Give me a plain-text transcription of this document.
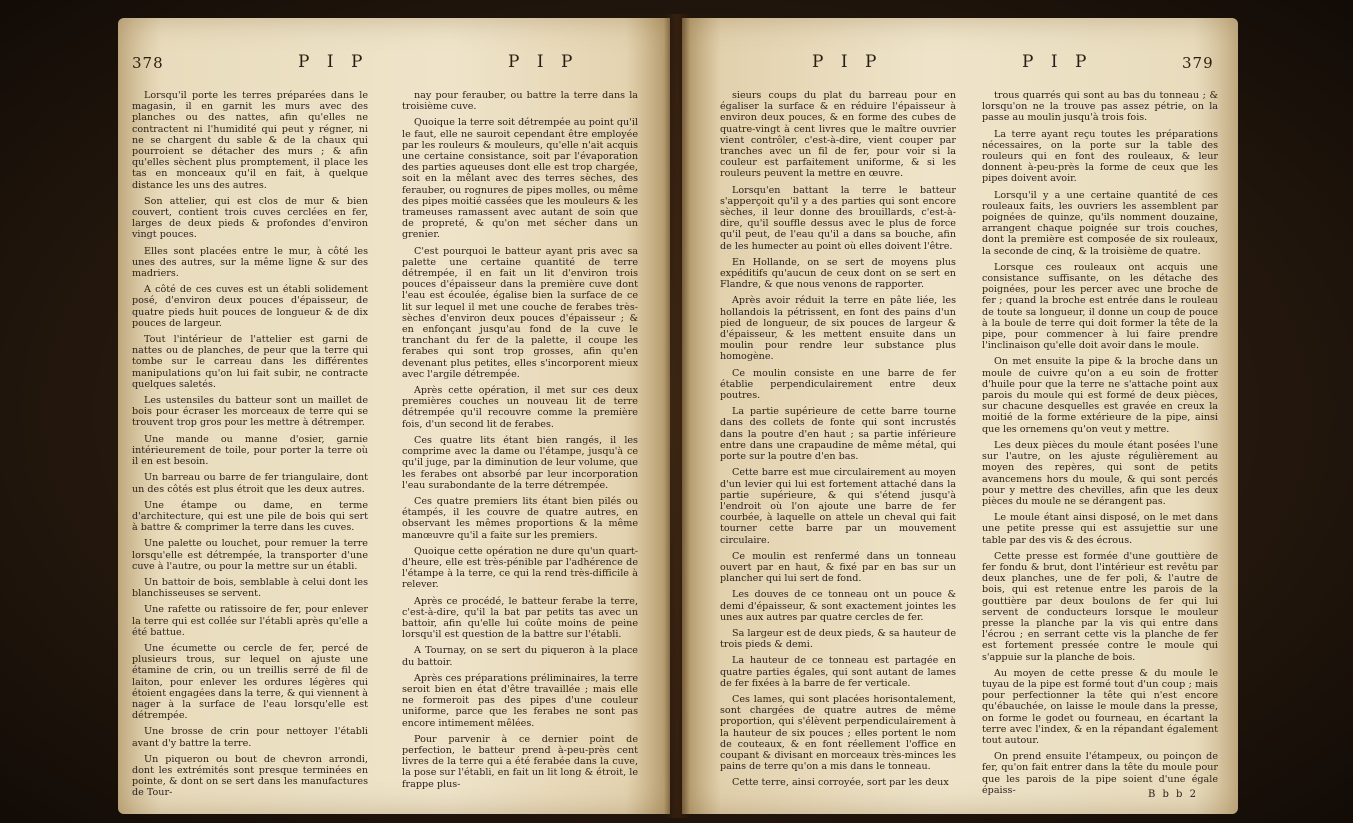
378	P I P	P I P

Lorsqu'il porte les terres préparées dans le magasin, il en garnit les murs avec des planches ou des nattes, afin qu'elles ne contractent ni l'humidité qui peut y régner, ni ne se chargent du sable & de la chaux qui pourroient se détacher des murs ; & afin qu'elles sèchent plus promptement, il place les tas en monceaux qu'il en fait, à quelque distance les uns des autres.

Son attelier, qui est clos de mur & bien couvert, contient trois cuves cerclées en fer, larges de deux pieds & profondes d'environ vingt pouces.

Elles sont placées entre le mur, à côté les unes des autres, sur la même ligne & sur des madriers.

A côté de ces cuves est un établi solidement posé, d'environ deux pouces d'épaisseur, de quatre pieds huit pouces de longueur & de dix pouces de largeur.

Tout l'intérieur de l'attelier est garni de nattes ou de planches, de peur que la terre qui tombe sur le carreau dans les différentes manipulations qu'on lui fait subir, ne contracte quelques saletés.

Les ustensiles du batteur sont un maillet de bois pour écraser les morceaux de terre qui se trouvent trop gros pour les mettre à détremper.

Une mande ou manne d'osier, garnie intérieurement de toile, pour porter la terre où il en est besoin.

Un barreau ou barre de fer triangulaire, dont un des côtés est plus étroit que les deux autres.

Une étampe ou dame, en terme d'architecture, qui est une pile de bois qui sert à battre & comprimer la terre dans les cuves.

Une palette ou louchet, pour remuer la terre lorsqu'elle est détrempée, la transporter d'une cuve à l'autre, ou pour la mettre sur un établi.

Un battoir de bois, semblable à celui dont les blanchisseuses se servent.

Une rafette ou ratissoire de fer, pour enlever la terre qui est collée sur l'établi après qu'elle a été battue.

Une écumette ou cercle de fer, percé de plusieurs trous, sur lequel on ajuste une étamine de crin, ou un treillis serré de fil de laiton, pour enlever les ordures légères qui étoient engagées dans la terre, & qui viennent à nager à la surface de l'eau lorsqu'elle est détrempée.

Une brosse de crin pour nettoyer l'établi avant d'y battre la terre.

Un piqueron ou bout de chevron arrondi, dont les extrémités sont presque terminées en pointe, & dont on se sert dans les manufactures de Tour-

nay pour ferauber, ou battre la terre dans la troisième cuve.

Quoique la terre soit détrempée au point qu'il le faut, elle ne sauroit cependant être employée par les rouleurs & mouleurs, qu'elle n'ait acquis une certaine consistance, soit par l'évaporation des parties aqueuses dont elle est trop chargée, soit en la mêlant avec des terres sèches, des ferauber, ou rognures de pipes molles, ou même des pipes moitié cassées que les mouleurs & les trameuses ramassent avec autant de soin que de propreté, & qu'on met sécher dans un grenier.

C'est pourquoi le batteur ayant pris avec sa palette une certaine quantité de terre détrempée, il en fait un lit d'environ trois pouces d'épaisseur dans la première cuve dont l'eau est écoulée, égalise bien la surface de ce lit sur lequel il met une couche de ferabes très-sèches d'environ deux pouces d'épaisseur ; & en enfonçant jusqu'au fond de la cuve le tranchant du fer de la palette, il coupe les ferabes qui sont trop grosses, afin qu'en devenant plus petites, elles s'incorporent mieux avec l'argile détrempée.

Après cette opération, il met sur ces deux premières couches un nouveau lit de terre détrempée qu'il recouvre comme la première fois, d'un second lit de ferabes.

Ces quatre lits étant bien rangés, il les comprime avec la dame ou l'étampe, jusqu'à ce qu'il juge, par la diminution de leur volume, que les ferabes ont absorbé par leur incorporation l'eau surabondante de la terre détrempée.

Ces quatre premiers lits étant bien pilés ou étampés, il les couvre de quatre autres, en observant les mêmes proportions & la même manœuvre qu'il a faite sur les premiers.

Quoique cette opération ne dure qu'un quart-d'heure, elle est très-pénible par l'adhérence de l'étampe à la terre, ce qui la rend très-difficile à relever.

Après ce procédé, le batteur ferabe la terre, c'est-à-dire, qu'il la bat par petits tas avec un battoir, afin qu'elle lui coûte moins de peine lorsqu'il est question de la battre sur l'établi.

A Tournay, on se sert du piqueron à la place du battoir.

Après ces préparations préliminaires, la terre seroit bien en état d'être travaillée ; mais elle ne formeroit pas des pipes d'une couleur uniforme, parce que les ferabes ne sont pas encore intimement mêlées.

Pour parvenir à ce dernier point de perfection, le batteur prend à-peu-près cent livres de la terre qui a été ferabée dans la cuve, la pose sur l'établi, en fait un lit long & étroit, le frappe plus-

P I P	P I P	379

sieurs coups du plat du barreau pour en égaliser la surface & en réduire l'épaisseur à environ deux pouces, & en forme des cubes de quatre-vingt à cent livres que le maître ouvrier vient contrôler, c'est-à-dire, vient couper par tranches avec un fil de fer, pour voir si la couleur est parfaitement uniforme, & si les rouleurs peuvent la mettre en œuvre.

Lorsqu'en battant la terre le batteur s'apperçoit qu'il y a des parties qui sont encore sèches, il leur donne des brouillards, c'est-à-dire, qu'il souffle dessus avec le plus de force qu'il peut, de l'eau qu'il a dans sa bouche, afin de les humecter au point où elles doivent l'être.

En Hollande, on se sert de moyens plus expéditifs qu'aucun de ceux dont on se sert en Flandre, & que nous venons de rapporter.

Après avoir réduit la terre en pâte liée, les hollandois la pétrissent, en font des pains d'un pied de longueur, de six pouces de largeur & d'épaisseur, & les mettent ensuite dans un moulin pour rendre leur substance plus homogène.

Ce moulin consiste en une barre de fer établie perpendiculairement entre deux poutres.

La partie supérieure de cette barre tourne dans des collets de fonte qui sont incrustés dans la poutre d'en haut ; sa partie inférieure entre dans une crapaudine de même métal, qui porte sur la poutre d'en bas.

Cette barre est mue circulairement au moyen d'un levier qui lui est fortement attaché dans la partie supérieure, & qui s'étend jusqu'à l'endroit où l'on ajoute une barre de fer courbée, à laquelle on attele un cheval qui fait tourner cette barre par un mouvement circulaire.

Ce moulin est renfermé dans un tonneau ouvert par en haut, & fixé par en bas sur un plancher qui lui sert de fond.

Les douves de ce tonneau ont un pouce & demi d'épaisseur, & sont exactement jointes les unes aux autres par quatre cercles de fer.

Sa largeur est de deux pieds, & sa hauteur de trois pieds & demi.

La hauteur de ce tonneau est partagée en quatre parties égales, qui sont autant de lames de fer fixées à la barre de fer verticale.

Ces lames, qui sont placées horisontalement, sont chargées de quatre autres de même proportion, qui s'élèvent perpendiculairement à la hauteur de six pouces ; elles portent le nom de couteaux, & en font réellement l'office en coupant & divisant en morceaux très-minces les pains de terre qu'on a mis dans le tonneau.

Cette terre, ainsi corroyée, sort par les deux

trous quarrés qui sont au bas du tonneau ; & lorsqu'on ne la trouve pas assez pétrie, on la passe au moulin jusqu'à trois fois.

La terre ayant reçu toutes les préparations nécessaires, on la porte sur la table des rouleurs qui en font des rouleaux, & leur donnent à-peu-près la forme de ceux que les pipes doivent avoir.

Lorsqu'il y a une certaine quantité de ces rouleaux faits, les ouvriers les assemblent par poignées de quinze, qu'ils nomment douzaine, arrangent chaque poignée sur trois couches, dont la première est composée de six rouleaux, la seconde de cinq, & la troisième de quatre.

Lorsque ces rouleaux ont acquis une consistance suffisante, on les détache des poignées, pour les percer avec une broche de fer ; quand la broche est entrée dans le rouleau de toute sa longueur, il donne un coup de pouce à la boule de terre qui doit former la tête de la pipe, pour commencer à lui faire prendre l'inclinaison qu'elle doit avoir dans le moule.

On met ensuite la pipe & la broche dans un moule de cuivre qu'on a eu soin de frotter d'huile pour que la terre ne s'attache point aux parois du moule qui est formé de deux pièces, sur chacune desquelles est gravée en creux la moitié de la forme extérieure de la pipe, ainsi que les ornemens qu'on veut y mettre.

Les deux pièces du moule étant posées l'une sur l'autre, on les ajuste régulièrement au moyen des repères, qui sont de petits avancemens hors du moule, & qui sont percés pour y mettre des chevilles, afin que les deux pièces du moule ne se dérangent pas.

Le moule étant ainsi disposé, on le met dans une petite presse qui est assujettie sur une table par des vis & des écrous.

Cette presse est formée d'une gouttière de fer fondu & brut, dont l'intérieur est revêtu par deux planches, une de fer poli, & l'autre de bois, qui est retenue entre les parois de la gouttière par deux boulons de fer qui lui servent de conducteurs lorsque le mouleur presse la planche par la vis qui entre dans l'écrou ; en serrant cette vis la planche de fer est fortement pressée contre le moule qui s'appuie sur la planche de bois.

Au moyen de cette presse & du moule le tuyau de la pipe est formé tout d'un coup ; mais pour perfectionner la tête qui n'est encore qu'ébauchée, on laisse le moule dans la presse, on forme le godet ou fourneau, en écartant la terre avec l'index, & en la répandant également tout autour.

On prend ensuite l'étampeux, ou poinçon de fer, qu'on fait entrer dans la tête du moule pour que les parois de la pipe soient d'une égale épaiss-	B b b 2
